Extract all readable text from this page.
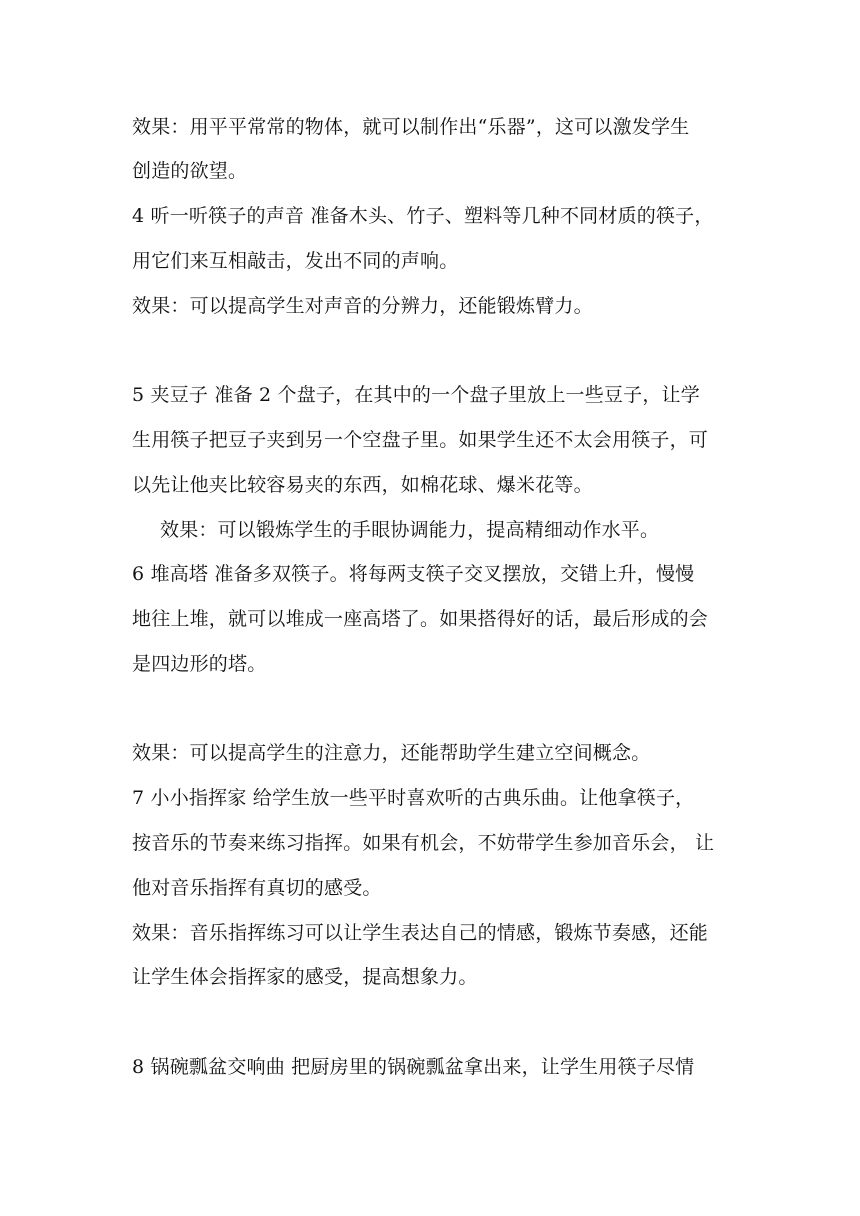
效果：用平平常常的物体，就可以制作出“乐器”，这可以激发学生
创造的欲望。
4 听一听筷子的声音 准备木头、竹子、塑料等几种不同材质的筷子，
用它们来互相敲击，发出不同的声响。
效果：可以提高学生对声音的分辨力，还能锻炼臂力。
5 夹豆子 准备 2 个盘子，在其中的一个盘子里放上一些豆子，让学
生用筷子把豆子夹到另一个空盘子里。如果学生还不太会用筷子，可
以先让他夹比较容易夹的东西，如棉花球、爆米花等。
效果：可以锻炼学生的手眼协调能力，提高精细动作水平。
6 堆高塔 准备多双筷子。将每两支筷子交叉摆放，交错上升，慢慢
地往上堆，就可以堆成一座高塔了。如果搭得好的话，最后形成的会
是四边形的塔。
效果：可以提高学生的注意力，还能帮助学生建立空间概念。
7 小小指挥家 给学生放一些平时喜欢听的古典乐曲。让他拿筷子，
按音乐的节奏来练习指挥。如果有机会，不妨带学生参加音乐会， 让
他对音乐指挥有真切的感受。
效果：音乐指挥练习可以让学生表达自己的情感，锻炼节奏感，还能
让学生体会指挥家的感受，提高想象力。
8 锅碗瓢盆交响曲 把厨房里的锅碗瓢盆拿出来，让学生用筷子尽情
